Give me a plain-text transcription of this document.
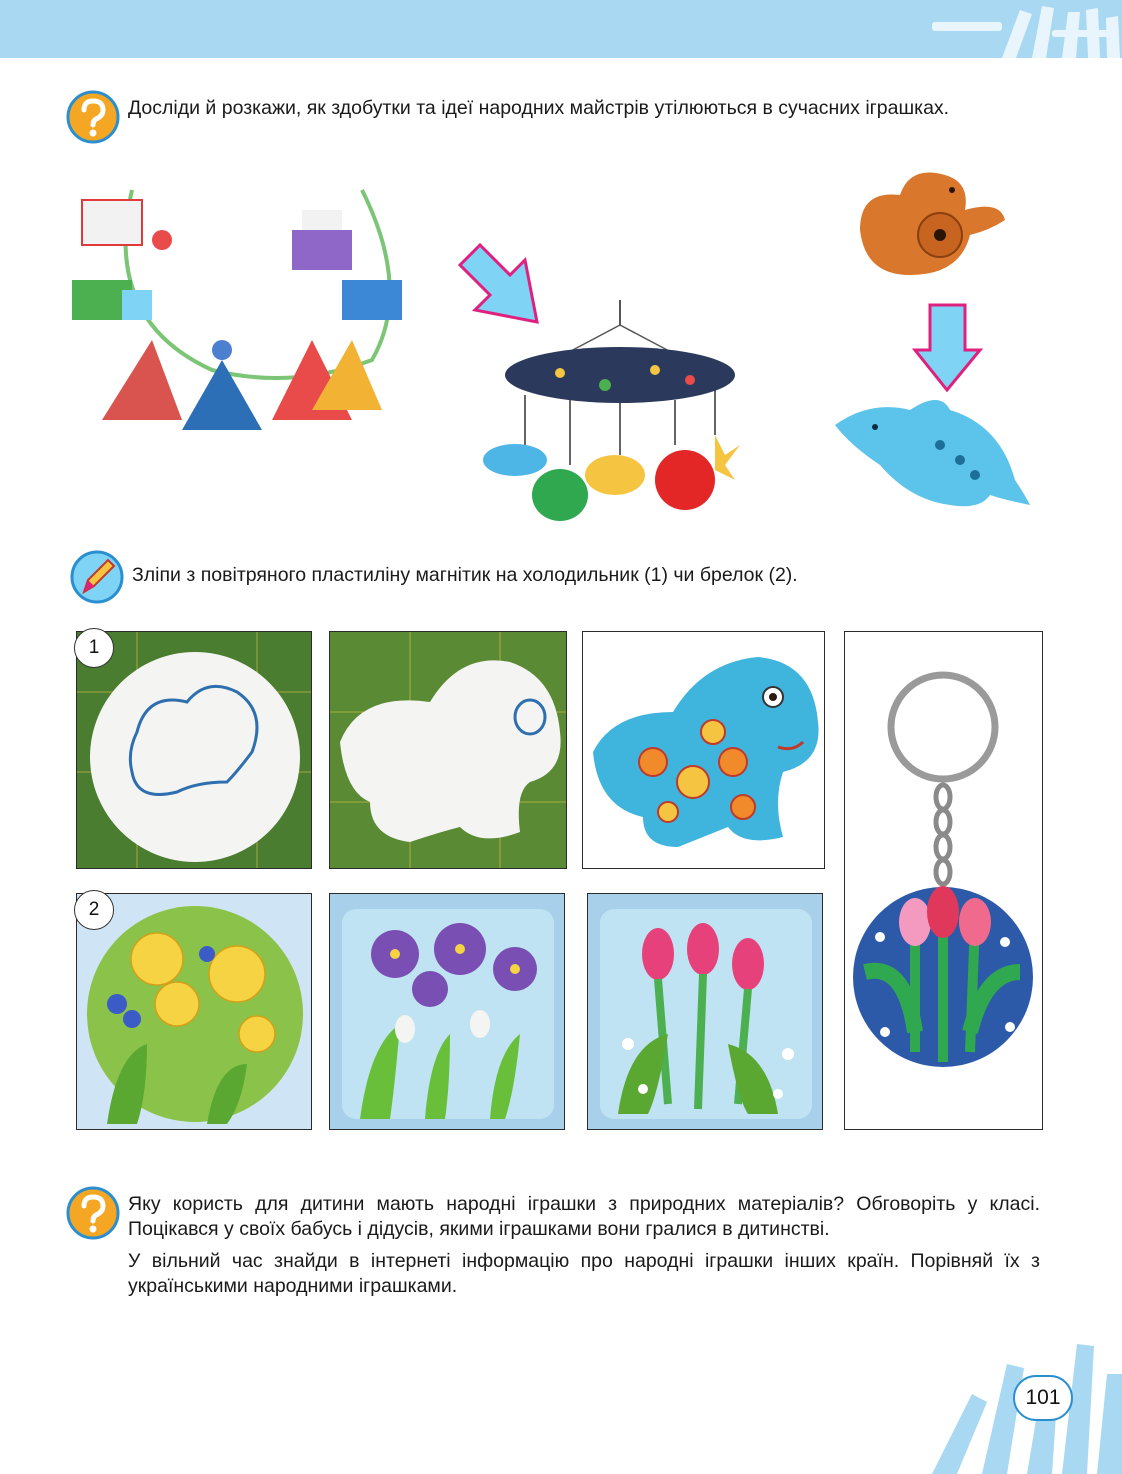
Досліди й розкажи, як здобутки та ідеї народних майстрів утілюються в сучасних іграшках.

Зліпи з повітряного пластиліну магнітик на холодильник (1) чи брелок (2).

1
2

Яку користь для дитини мають народні іграшки з природних матеріалів? Обговоріть у класі. Поцікався у своїх бабусь і дідусів, якими іграшками вони гралися в дитинстві.

У вільний час знайди в інтернеті інформацію про народні іграшки інших країн. Порівняй їх з українськими народними іграшками.

101
